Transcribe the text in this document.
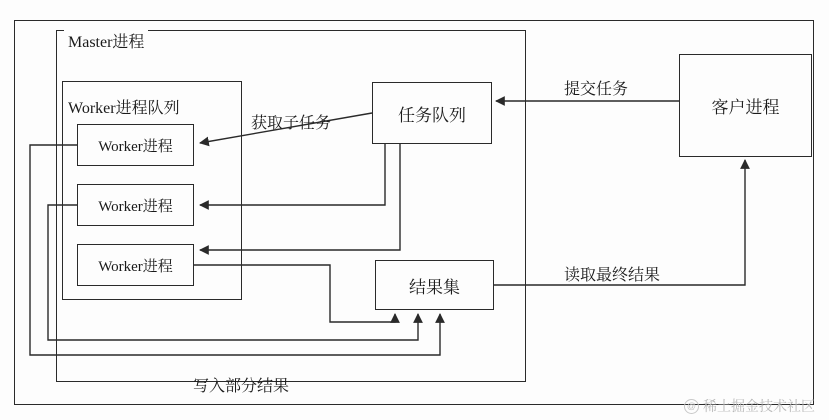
Master进程
Worker进程队列
Worker进程
Worker进程
Worker进程
任务队列
结果集
客户进程
提交任务
获取子任务
读取最终结果
写入部分结果
@ 稀土掘金技术社区
